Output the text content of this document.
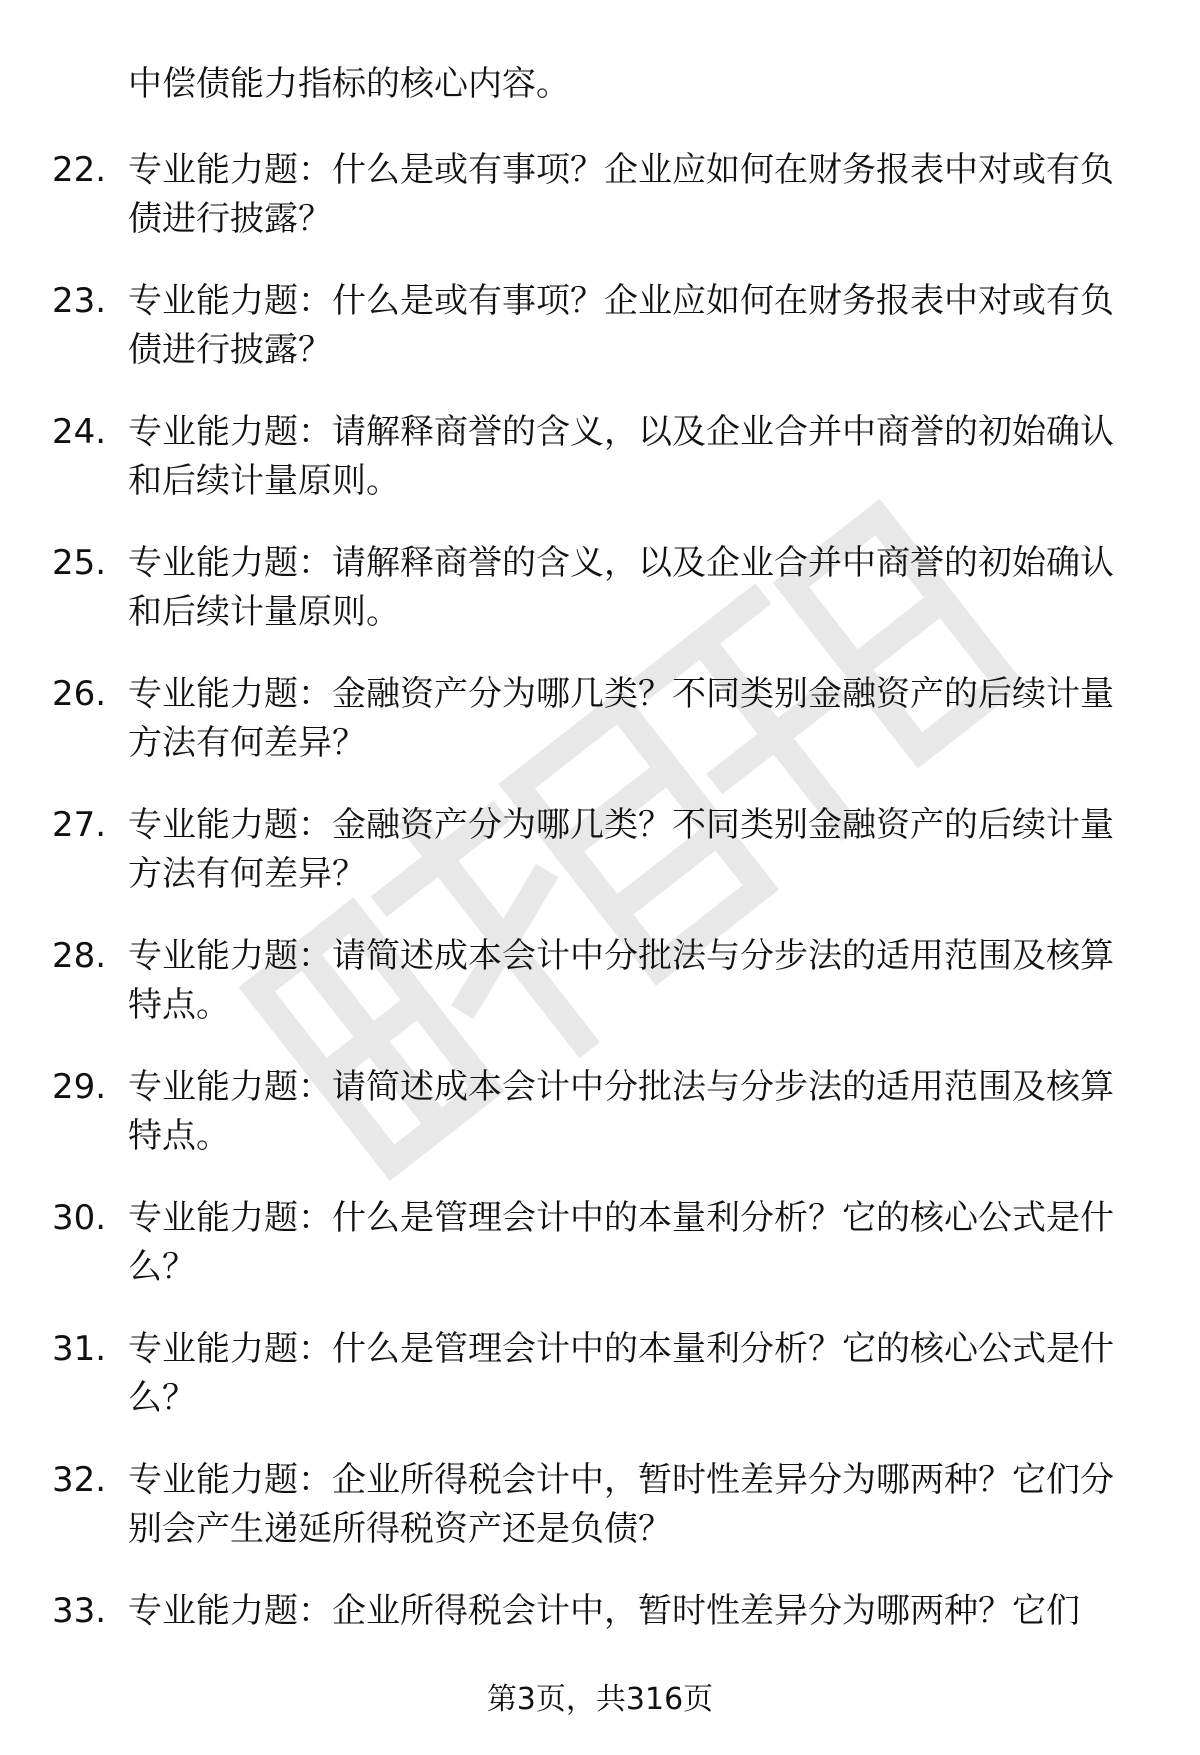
中偿债能力指标的核心内容。

22. 专业能力题：什么是或有事项？企业应如何在财务报表中对或有负债进行披露？

23. 专业能力题：什么是或有事项？企业应如何在财务报表中对或有负债进行披露？

24. 专业能力题：请解释商誉的含义，以及企业合并中商誉的初始确认和后续计量原则。

25. 专业能力题：请解释商誉的含义，以及企业合并中商誉的初始确认和后续计量原则。

26. 专业能力题：金融资产分为哪几类？不同类别金融资产的后续计量方法有何差异？

27. 专业能力题：金融资产分为哪几类？不同类别金融资产的后续计量方法有何差异？

28. 专业能力题：请简述成本会计中分批法与分步法的适用范围及核算特点。

29. 专业能力题：请简述成本会计中分批法与分步法的适用范围及核算特点。

30. 专业能力题：什么是管理会计中的本量利分析？它的核心公式是什么？

31. 专业能力题：什么是管理会计中的本量利分析？它的核心公式是什么？

32. 专业能力题：企业所得税会计中，暂时性差异分为哪两种？它们分别会产生递延所得税资产还是负债？

33. 专业能力题：企业所得税会计中，暂时性差异分为哪两种？它们

第3页，共316页
